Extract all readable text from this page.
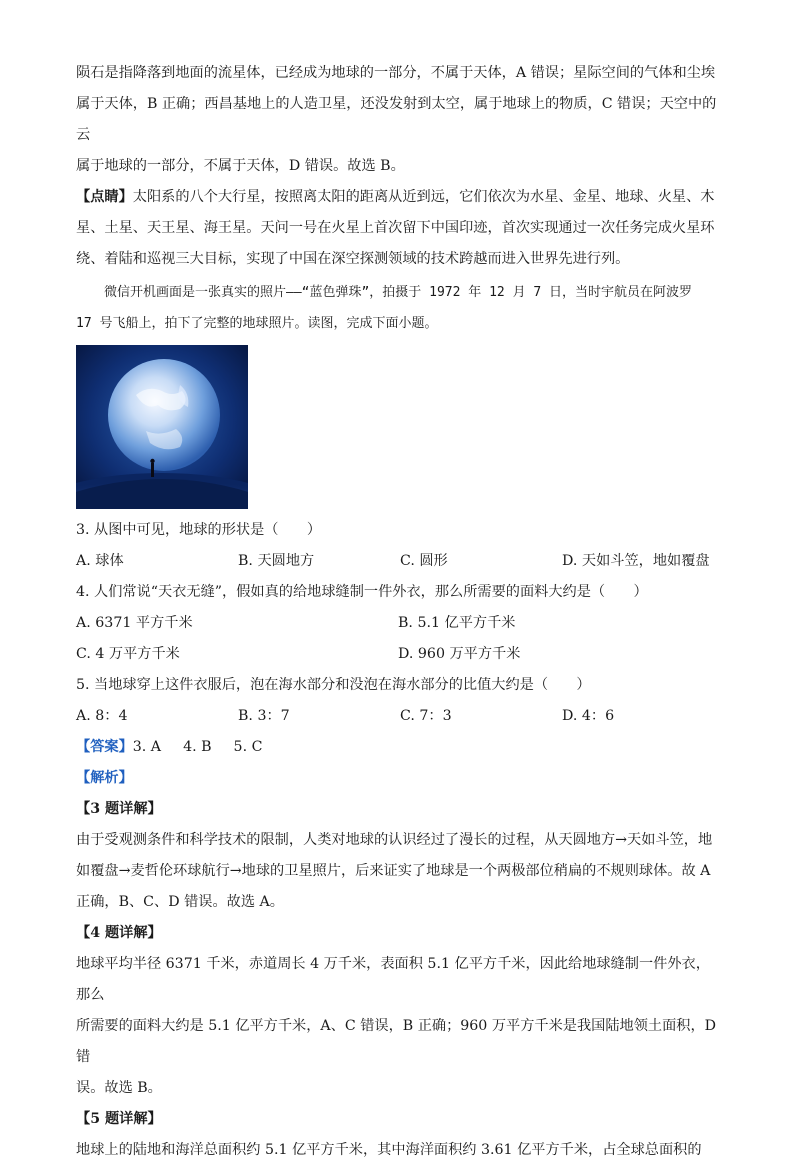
陨石是指降落到地面的流星体，已经成为地球的一部分，不属于天体，A 错误；星际空间的气体和尘埃
属于天体，B 正确；西昌基地上的人造卫星，还没发射到太空，属于地球上的物质，C 错误；天空中的云
属于地球的一部分，不属于天体，D 错误。故选 B。

【点睛】太阳系的八个大行星，按照离太阳的距离从近到远，它们依次为水星、金星、地球、火星、木
星、土星、天王星、海王星。天问一号在火星上首次留下中国印迹，首次实现通过一次任务完成火星环
绕、着陆和巡视三大目标，实现了中国在深空探测领域的技术跨越而进入世界先进行列。

微信开机画面是一张真实的照片——“蓝色弹珠”，拍摄于 1972 年 12 月 7 日，当时宇航员在阿波罗
17 号飞船上，拍下了完整的地球照片。读图，完成下面小题。

3. 从图中可见，地球的形状是（　　）

A. 球体	B. 天圆地方	C. 圆形	D. 天如斗笠，地如覆盘

4. 人们常说“天衣无缝”，假如真的给地球缝制一件外衣，那么所需要的面料大约是（　　）

A. 6371 平方千米	B. 5.1 亿平方千米
C. 4 万平方千米	D. 960 万平方千米

5. 当地球穿上这件衣服后，泡在海水部分和没泡在海水部分的比值大约是（　　）

A. 8：4	B. 3：7	C. 7：3	D. 4：6

【答案】3. A 4. B 5. C

【解析】

【3 题详解】

由于受观测条件和科学技术的限制，人类对地球的认识经过了漫长的过程，从天圆地方→天如斗笠，地
如覆盘→麦哲伦环球航行→地球的卫星照片，后来证实了地球是一个两极部位稍扁的不规则球体。故 A
正确，B、C、D 错误。故选 A。

【4 题详解】

地球平均半径 6371 千米，赤道周长 4 万千米，表面积 5.1 亿平方千米，因此给地球缝制一件外衣，那么
所需要的面料大约是 5.1 亿平方千米，A、C 错误，B 正确；960 万平方千米是我国陆地领土面积，D 错
误。故选 B。

【5 题详解】

地球上的陆地和海洋总面积约 5.1 亿平方千米，其中海洋面积约 3.61 亿平方千米，占全球总面积的
